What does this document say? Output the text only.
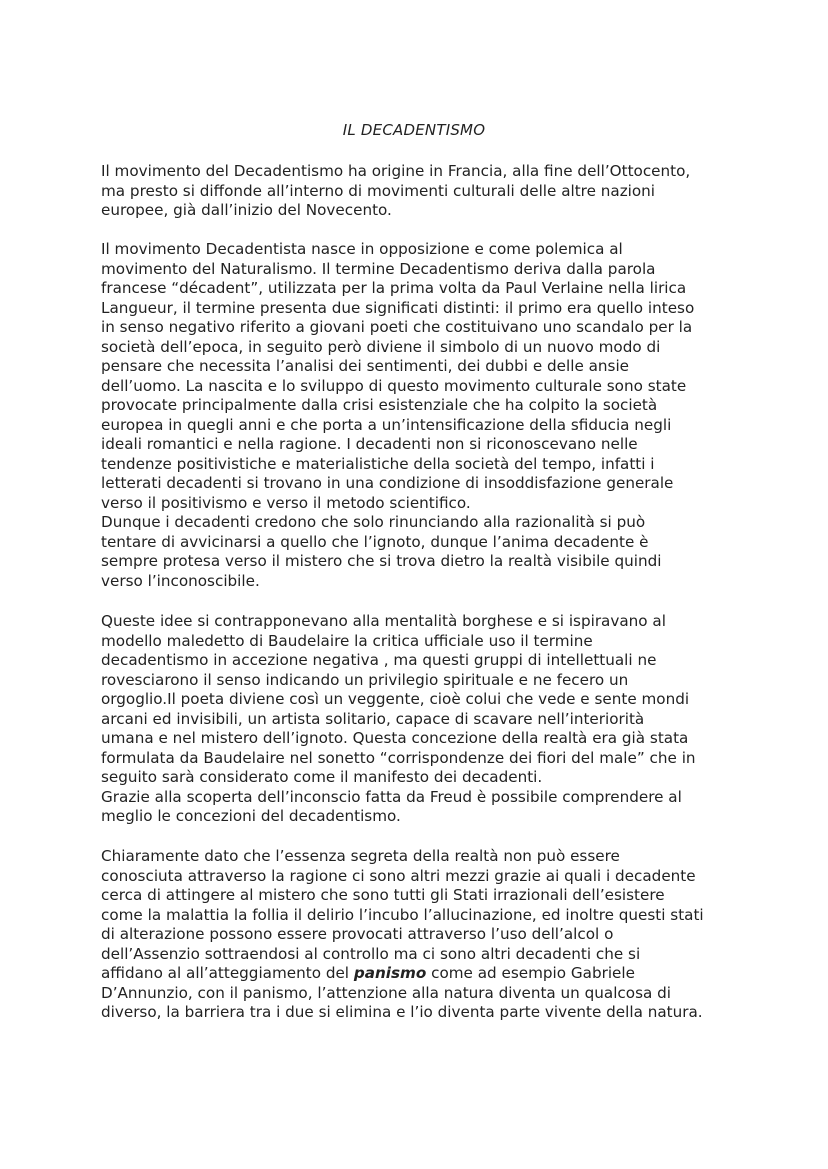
IL DECADENTISMO
Il movimento del Decadentismo ha origine in Francia, alla fine dell’Ottocento,
ma presto si diffonde all’interno di movimenti culturali delle altre nazioni
europee, già dall’inizio del Novecento.
Il movimento Decadentista nasce in opposizione e come polemica al
movimento del Naturalismo. Il termine Decadentismo deriva dalla parola
francese “décadent”, utilizzata per la prima volta da Paul Verlaine nella lirica
Langueur, il termine presenta due significati distinti: il primo era quello inteso
in senso negativo riferito a giovani poeti che costituivano uno scandalo per la
società dell’epoca, in seguito però diviene il simbolo di un nuovo modo di
pensare che necessita l’analisi dei sentimenti, dei dubbi e delle ansie
dell’uomo. La nascita e lo sviluppo di questo movimento culturale sono state
provocate principalmente dalla crisi esistenziale che ha colpito la società
europea in quegli anni e che porta a un’intensificazione della sfiducia negli
ideali romantici e nella ragione. I decadenti non si riconoscevano nelle
tendenze positivistiche e materialistiche della società del tempo, infatti i
letterati decadenti si trovano in una condizione di insoddisfazione generale
verso il positivismo e verso il metodo scientifico.
Dunque i decadenti credono che solo rinunciando alla razionalità si può
tentare di avvicinarsi a quello che l’ignoto, dunque l’anima decadente è
sempre protesa verso il mistero che si trova dietro la realtà visibile quindi
verso l’inconoscibile.
Queste idee si contrapponevano alla mentalità borghese e si ispiravano al
modello maledetto di Baudelaire la critica ufficiale uso il termine
decadentismo in accezione negativa , ma questi gruppi di intellettuali ne
rovesciarono il senso indicando un privilegio spirituale e ne fecero un
orgoglio.Il poeta diviene così un veggente, cioè colui che vede e sente mondi
arcani ed invisibili, un artista solitario, capace di scavare nell’interiorità
umana e nel mistero dell’ignoto. Questa concezione della realtà era già stata
formulata da Baudelaire nel sonetto “corrispondenze dei fiori del male” che in
seguito sarà considerato come il manifesto dei decadenti.
Grazie alla scoperta dell’inconscio fatta da Freud è possibile comprendere al
meglio le concezioni del decadentismo.
Chiaramente dato che l’essenza segreta della realtà non può essere
conosciuta attraverso la ragione ci sono altri mezzi grazie ai quali i decadente
cerca di attingere al mistero che sono tutti gli Stati irrazionali dell’esistere
come la malattia la follia il delirio l’incubo l’allucinazione, ed inoltre questi stati
di alterazione possono essere provocati attraverso l’uso dell’alcol o
dell’Assenzio sottraendosi al controllo ma ci sono altri decadenti che si
affidano al all’atteggiamento del panismo come ad esempio Gabriele
D’Annunzio, con il panismo, l’attenzione alla natura diventa un qualcosa di
diverso, la barriera tra i due si elimina e l’io diventa parte vivente della natura.
